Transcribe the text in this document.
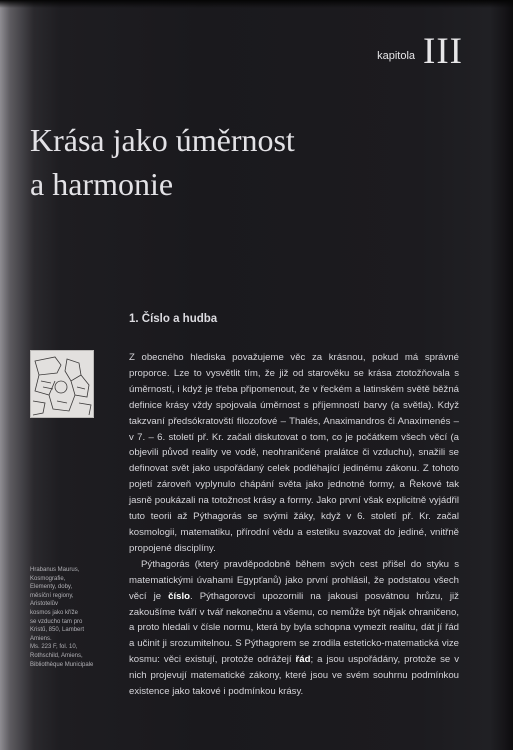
kapitola III
Krása jako úměrnost
a harmonie
1. Číslo a hudba
Hrabanus Maurus,
Kosmografie,
Elementy, doby,
měsíční regiony,
Aristotelův
kosmos jako kříže
se vzducho tam pro
Kristů, 850, Lambert
Amiens.
Ms. 223 F, fol. 10,
Rothschild, Amiens,
Bibliothèque Municipale

Z obecného hlediska považujeme věc za krásnou, pokud má správné proporce. Lze to vysvětlit tím, že již od starověku se krása ztotožňovala s úměrností, i když je třeba připomenout, že v řeckém a latinském světě běžná definice krásy vždy spojovala úměrnost s příjemností barvy (a světla). Když takzvaní předsókratovští filozofové – Thalés, Anaximandros či Anaximenés – v 7. – 6. století př. Kr. začali diskutovat o tom, co je počátkem všech věcí (a objevili původ reality ve vodě, neohraničené pralátce či vzduchu), snažili se definovat svět jako uspořádaný celek podléhající jedinému zákonu. Z tohoto pojetí zároveň vyplynulo chápání světa jako jednotné formy, a Řekové tak jasně poukázali na totožnost krásy a formy. Jako první však explicitně vyjádřil tuto teorii až Pýthagorás se svými žáky, když v 6. století př. Kr. začal kosmologii, matematiku, přírodní vědu a estetiku svazovat do jediné, vnitřně propojené disciplíny.

Pýthagorás (který pravděpodobně během svých cest přišel do styku s matematickými úvahami Egypťanů) jako první prohlásil, že podstatou všech věcí je číslo. Pýthagorovci upozornili na jakousi posvátnou hrůzu, již zakoušíme tváří v tvář nekonečnu a všemu, co nemůže být nějak ohraničeno, a proto hledali v čísle normu, která by byla schopna vymezit realitu, dát jí řád a učinit ji srozumitelnou. S Pýthagorem se zrodila esteticko-matematická vize kosmu: věci existují, protože odrážejí řád; a jsou uspořádány, protože se v nich projevují matematické zákony, které jsou ve svém souhrnu podmínkou existence jako takové i podmínkou krásy.
